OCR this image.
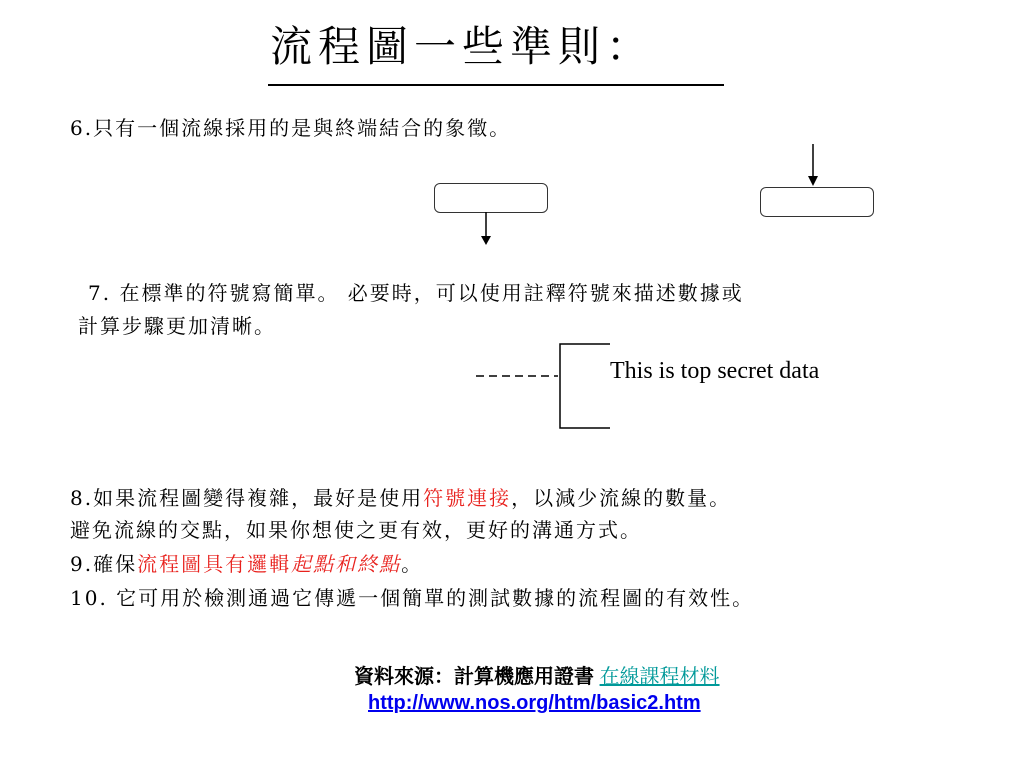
流程圖一些準則：
6.只有一個流線採用的是與終端結合的象徵。
7. 在標準的符號寫簡單。 必要時，可以使用註釋符號來描述數據或
計算步驟更加清晰。
This is top secret data
8.如果流程圖變得複雜，最好是使用符號連接，以減少流線的數量。
避免流線的交點，如果你想使之更有效，更好的溝通方式。
9.確保流程圖具有邏輯起點和終點。
10. 它可用於檢測通過它傳遞一個簡單的測試數據的流程圖的有效性。
資料來源：計算機應用證書 在線課程材料
http://www.nos.org/htm/basic2.htm
